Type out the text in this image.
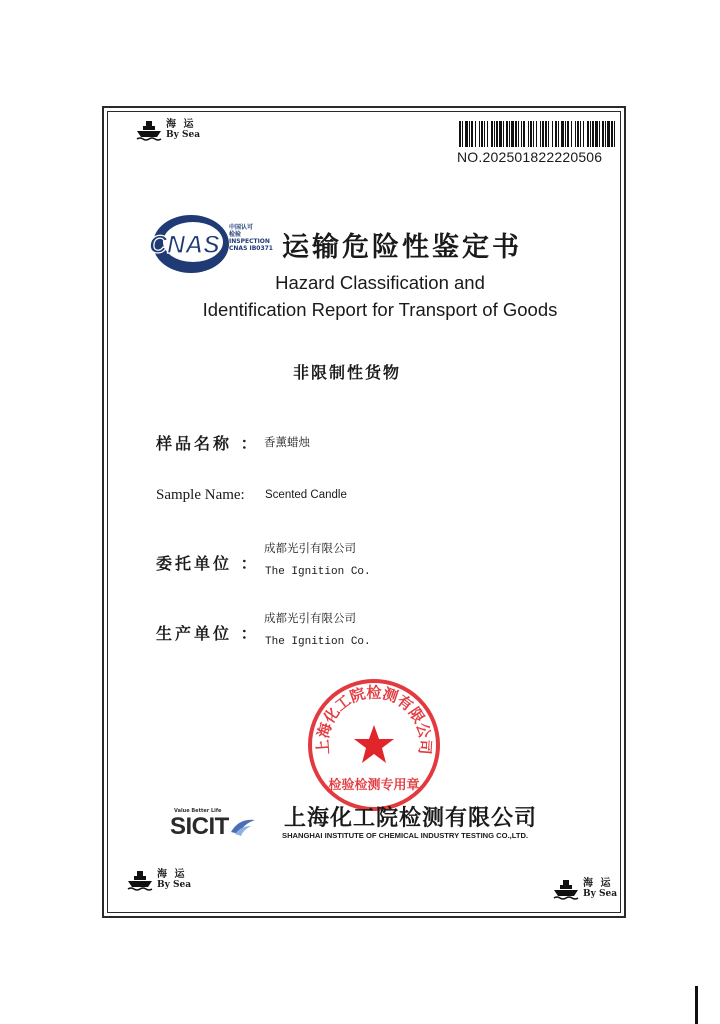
海 运
By Sea
NO.202501822220506
CNAS
中国认可
检验
INSPECTION
CNAS IB0371 运输危险性鉴定书
Hazard Classification and
Identification Report for Transport of Goods
非限制性货物
样品名称 ： 香薰蜡烛
Sample Name: Scented Candle
委托单位 ：
成都光引有限公司
The Ignition Co.
生产单位 ：
成都光引有限公司
The Ignition Co.
上海化工院检测有限公司
检验检测专用章
Value Better Life
SICIT	上海化工院检测有限公司
SHANGHAI INSTITUTE OF CHEMICAL INDUSTRY TESTING CO.,LTD.
海 运
By Sea	海 运
By Sea
